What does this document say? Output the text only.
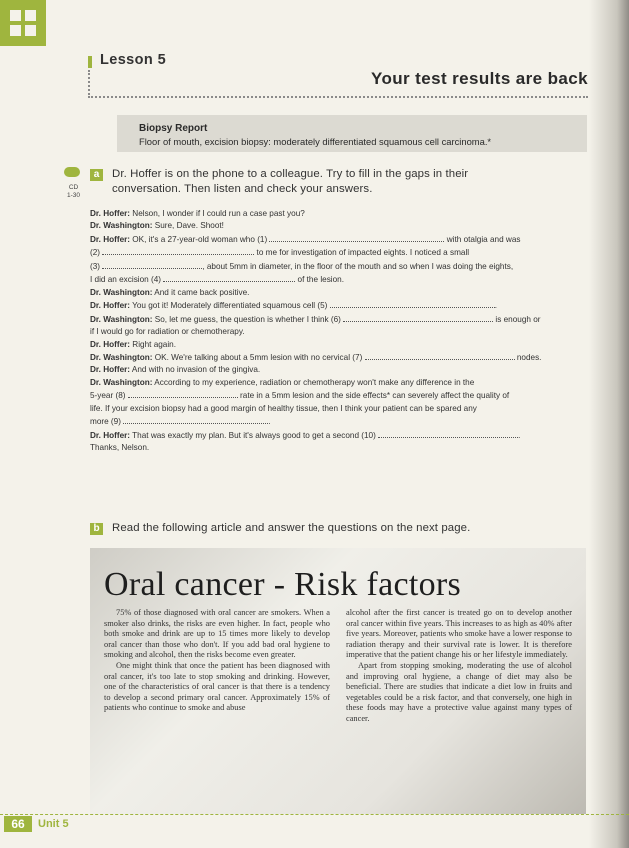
Lesson 5
Your test results are back
Biopsy Report
Floor of mouth, excision biopsy: moderately differentiated squamous cell carcinoma.*
CD
1-30
a	Dr. Hoffer is on the phone to a colleague. Try to fill in the gaps in their
conversation. Then listen and check your answers.
Dr. Hoffer: Nelson, I wonder if I could run a case past you?
Dr. Washington: Sure, Dave. Shoot!
Dr. Hoffer: OK, it's a 27-year-old woman who (1)	with otalgia and was
(2)	to me for investigation of impacted eights. I noticed a small
(3)	, about 5mm in diameter, in the floor of the mouth and so when I was doing the eights,
I did an excision (4)	of the lesion.
Dr. Washington: And it came back positive.
Dr. Hoffer: You got it! Moderately differentiated squamous cell (5)	.
Dr. Washington: So, let me guess, the question is whether I think (6)	is enough or
if I would go for radiation or chemotherapy.
Dr. Hoffer: Right again.
Dr. Washington: OK. We're talking about a 5mm lesion with no cervical (7)	nodes.
Dr. Hoffer: And with no invasion of the gingiva.
Dr. Washington: According to my experience, radiation or chemotherapy won't make any difference in the
5-year (8)	rate in a 5mm lesion and the side effects* can severely affect the quality of
life. If your excision biopsy had a good margin of healthy tissue, then I think your patient can be spared any
more (9)	.
Dr. Hoffer: That was exactly my plan. But it's always good to get a second (10)	.
Thanks, Nelson.
b	Read the following article and answer the questions on the next page.
Oral cancer - Risk factors

75% of those diagnosed with oral cancer are smokers. When a smoker also drinks, the risks are even higher. In fact, people who both smoke and drink are up to 15 times more likely to develop oral cancer than those who don't. If you add bad oral hygiene to smoking and alcohol, then the risks become even greater.

One might think that once the patient has been diagnosed with oral cancer, it's too late to stop smoking and drinking. However, one of the characteristics of oral cancer is that there is a tendency to develop a second primary oral cancer. Approximately 15% of patients who continue to smoke and abuse

alcohol after the first cancer is treated go on to develop another oral cancer within five years. This increases to as high as 40% after five years. Moreover, patients who smoke have a lower response to radiation therapy and their survival rate is lower. It is therefore imperative that the patient change his or her lifestyle immediately.

Apart from stopping smoking, moderating the use of alcohol and improving oral hygiene, a change of diet may also be beneficial. There are studies that indicate a diet low in fruits and vegetables could be a risk factor, and that conversely, one high in these foods may have a protective value against many types of cancer.

66	Unit 5
